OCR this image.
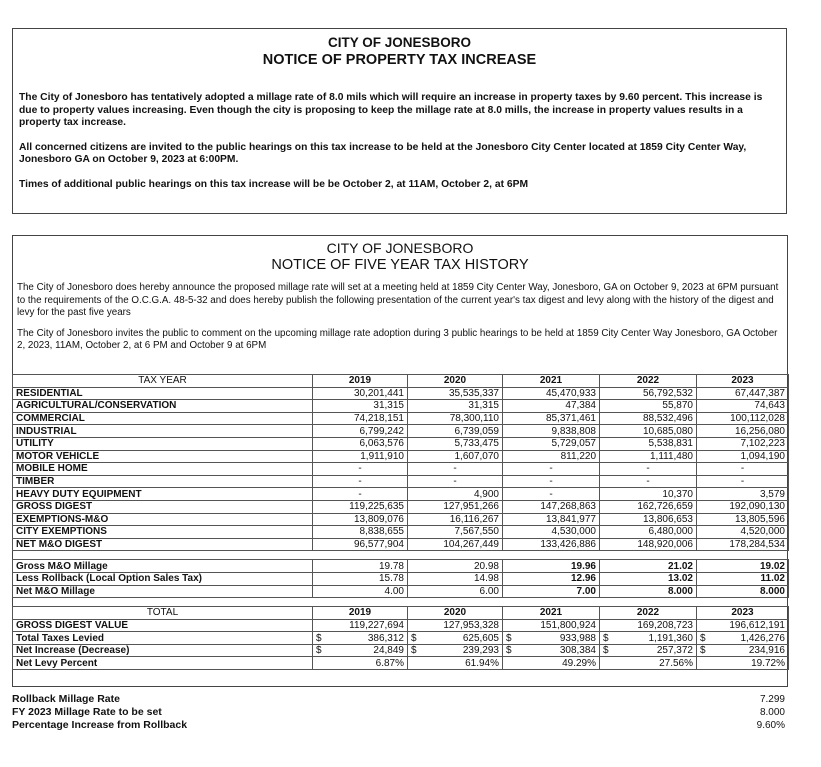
CITY OF JONESBORO
NOTICE OF PROPERTY TAX INCREASE

The City of Jonesboro has tentatively adopted a millage rate of 8.0 mils which will require an increase in property taxes by 9.60 percent. This increase is due to property values increasing. Even though the city is proposing to keep the millage rate at 8.0 mills, the increase in property values results in a property tax increase.

All concerned citizens are invited to the public hearings on this tax increase to be held at the Jonesboro City Center located at 1859 City Center Way, Jonesboro GA on October 9, 2023 at 6:00PM.

Times of additional public hearings on this tax increase will be be October 2, at 11AM, October 2, at 6PM

CITY OF JONESBORO
NOTICE OF FIVE YEAR TAX HISTORY

The City of Jonesboro does hereby announce the proposed millage rate will set at a meeting held at 1859 City Center Way, Jonesboro, GA on October 9, 2023 at 6PM pursuant to the requirements of the O.C.G.A. 48-5-32 and does hereby publish the following presentation of the current year's tax digest and levy along with the history of the digest and levy for the past five years

The City of Jonesboro invites the public to comment on the upcoming millage rate adoption during 3 public hearings to be held at 1859 City Center Way Jonesboro, GA October 2, 2023, 11AM, October 2, at 6 PM and October 9 at 6PM

TAX YEAR	2019	2020	2021	2022	2023
RESIDENTIAL	30,201,441	35,535,337	45,470,933	56,792,532	67,447,387
AGRICULTURAL/CONSERVATION	31,315	31,315	47,384	55,870	74,643
COMMERCIAL	74,218,151	78,300,110	85,371,461	88,532,496	100,112,028
INDUSTRIAL	6,799,242	6,739,059	9,838,808	10,685,080	16,256,080
UTILITY	6,063,576	5,733,475	5,729,057	5,538,831	7,102,223
MOTOR VEHICLE	1,911,910	1,607,070	811,220	1,111,480	1,094,190
MOBILE HOME	-	-	-	-	-
TIMBER	-	-	-	-	-
HEAVY DUTY EQUIPMENT	-	4,900	-	10,370	3,579
GROSS DIGEST	119,225,635	127,951,266	147,268,863	162,726,659	192,090,130
EXEMPTIONS-M&O	13,809,076	16,116,267	13,841,977	13,806,653	13,805,596
CITY EXEMPTIONS	8,838,655	7,567,550	4,530,000	6,480,000	4,520,000
NET M&O DIGEST	96,577,904	104,267,449	133,426,886	148,920,006	178,284,534

Gross M&O Millage	19.78	20.98	19.96	21.02	19.02
Less Rollback (Local Option Sales Tax)	15.78	14.98	12.96	13.02	11.02
Net M&O Millage	4.00	6.00	7.00	8.000	8.000

TOTAL	2019	2020	2021	2022	2023
GROSS DIGEST VALUE	119,227,694	127,953,328	151,800,924	169,208,723	196,612,191
Total Taxes Levied	$ 386,312	$ 625,605	$ 933,988	$ 1,191,360	$ 1,426,276

Net Increase (Decrease)	$ 24,849	$ 239,293	$ 308,384	$ 257,372	$ 234,916

Net Levy Percent	6.87%	61.94%	49.29%	27.56%	19.72%
Rollback Millage Rate	7.299
FY 2023 Millage Rate to be set	8.000
Percentage Increase from Rollback	9.60%
